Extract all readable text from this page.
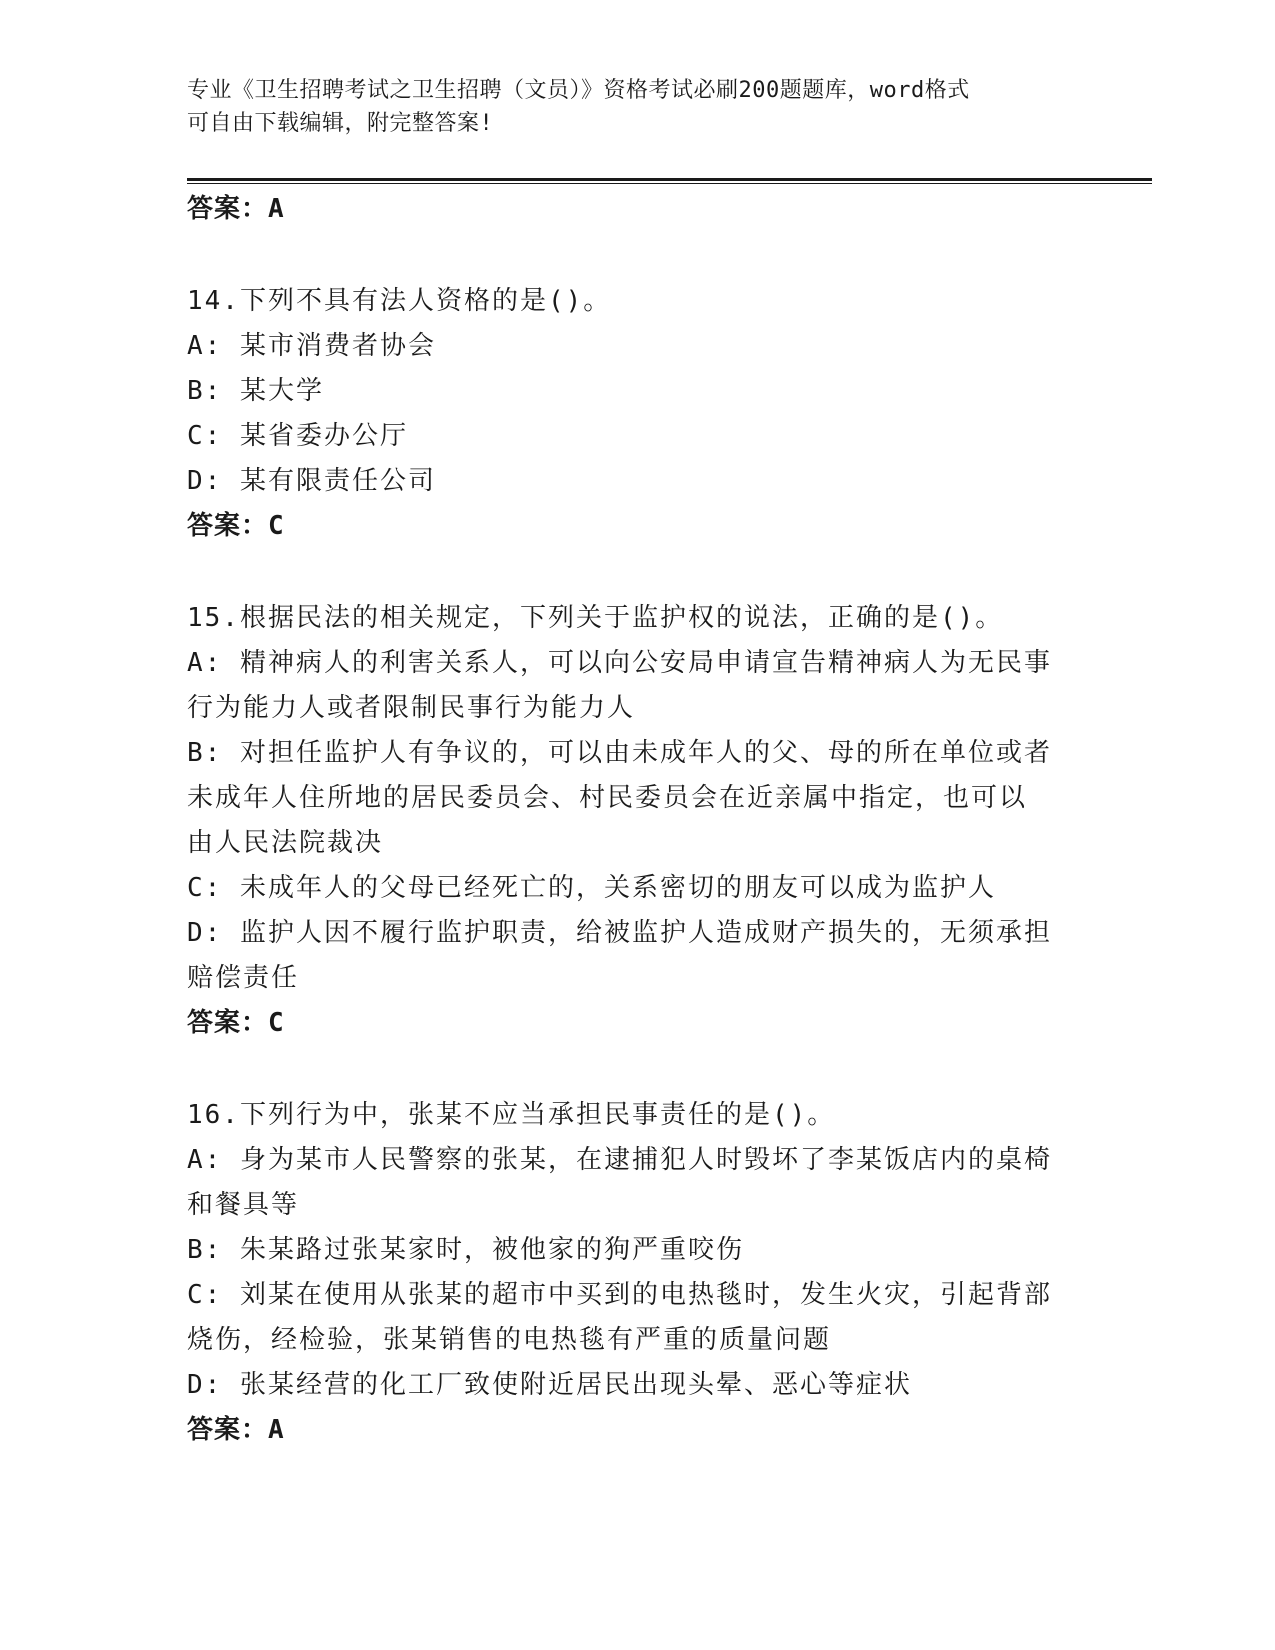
专业《卫生招聘考试之卫生招聘（文员）》资格考试必刷200题题库，word格式
可自由下载编辑，附完整答案!

答案：A

14.下列不具有法人资格的是()。

A: 某市消费者协会

B: 某大学

C: 某省委办公厅

D: 某有限责任公司

答案：C

15.根据民法的相关规定，下列关于监护权的说法，正确的是()。

A: 精神病人的利害关系人，可以向公安局申请宣告精神病人为无民事

行为能力人或者限制民事行为能力人

B: 对担任监护人有争议的，可以由未成年人的父、母的所在单位或者

未成年人住所地的居民委员会、村民委员会在近亲属中指定，也可以

由人民法院裁决

C: 未成年人的父母已经死亡的，关系密切的朋友可以成为监护人

D: 监护人因不履行监护职责，给被监护人造成财产损失的，无须承担

赔偿责任

答案：C

16.下列行为中，张某不应当承担民事责任的是()。

A: 身为某市人民警察的张某，在逮捕犯人时毁坏了李某饭店内的桌椅

和餐具等

B: 朱某路过张某家时，被他家的狗严重咬伤

C: 刘某在使用从张某的超市中买到的电热毯时，发生火灾，引起背部

烧伤，经检验，张某销售的电热毯有严重的质量问题

D: 张某经营的化工厂致使附近居民出现头晕、恶心等症状

答案：A
